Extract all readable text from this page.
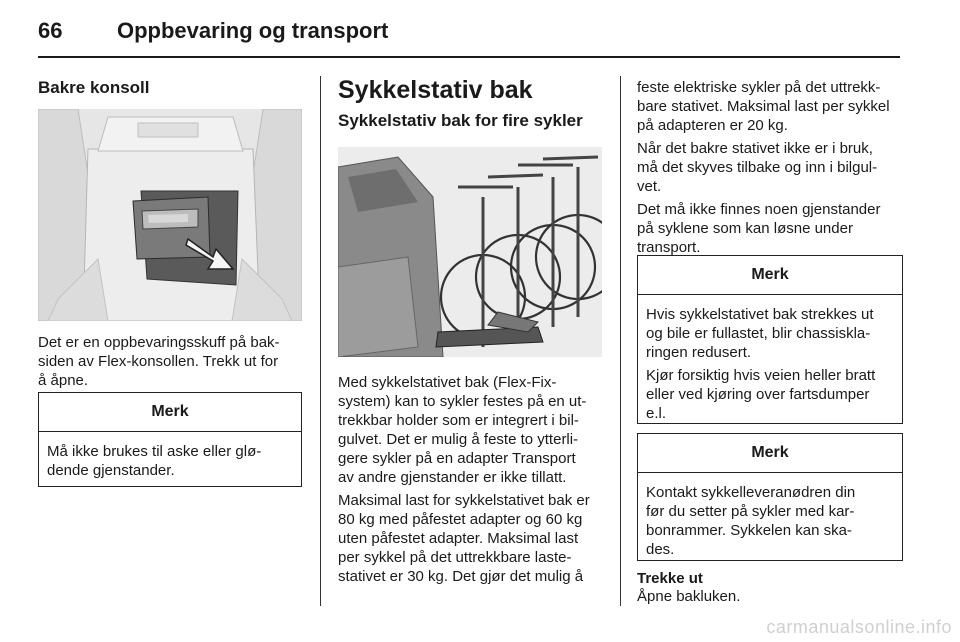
66 Oppbevaring og transport
Bakre konsoll

Det er en oppbevaringsskuff på bak-

siden av Flex-konsollen. Trekk ut for

å åpne.

Merk

Må ikke brukes til aske eller glø-

dende gjenstander.

Sykkelstativ bak
Sykkelstativ bak for fire sykler

Med sykkelstativet bak (Flex-Fix-

system) kan to sykler festes på en ut-

trekkbar holder som er integrert i bil-

gulvet. Det er mulig å feste to ytterli-

gere sykler på en adapter Transport

av andre gjenstander er ikke tillatt.

Maksimal last for sykkelstativet bak er

80 kg med påfestet adapter og 60 kg

uten påfestet adapter. Maksimal last

per sykkel på det uttrekkbare laste-

stativet er 30 kg. Det gjør det mulig å

feste elektriske sykler på det uttrekk-

bare stativet. Maksimal last per sykkel

på adapteren er 20 kg.

Når det bakre stativet ikke er i bruk,

må det skyves tilbake og inn i bilgul-

vet.

Det må ikke finnes noen gjenstander

på syklene som kan løsne under

transport.

Merk

Hvis sykkelstativet bak strekkes ut

og bile er fullastet, blir chassiskla-

ringen redusert.

Kjør forsiktig hvis veien heller bratt

eller ved kjøring over fartsdumper

e.l.

Merk

Kontakt sykkelleveranødren din

før du setter på sykler med kar-

bonrammer. Sykkelen kan ska-

des.

Trekke ut

Åpne bakluken.

carmanualsonline.info
